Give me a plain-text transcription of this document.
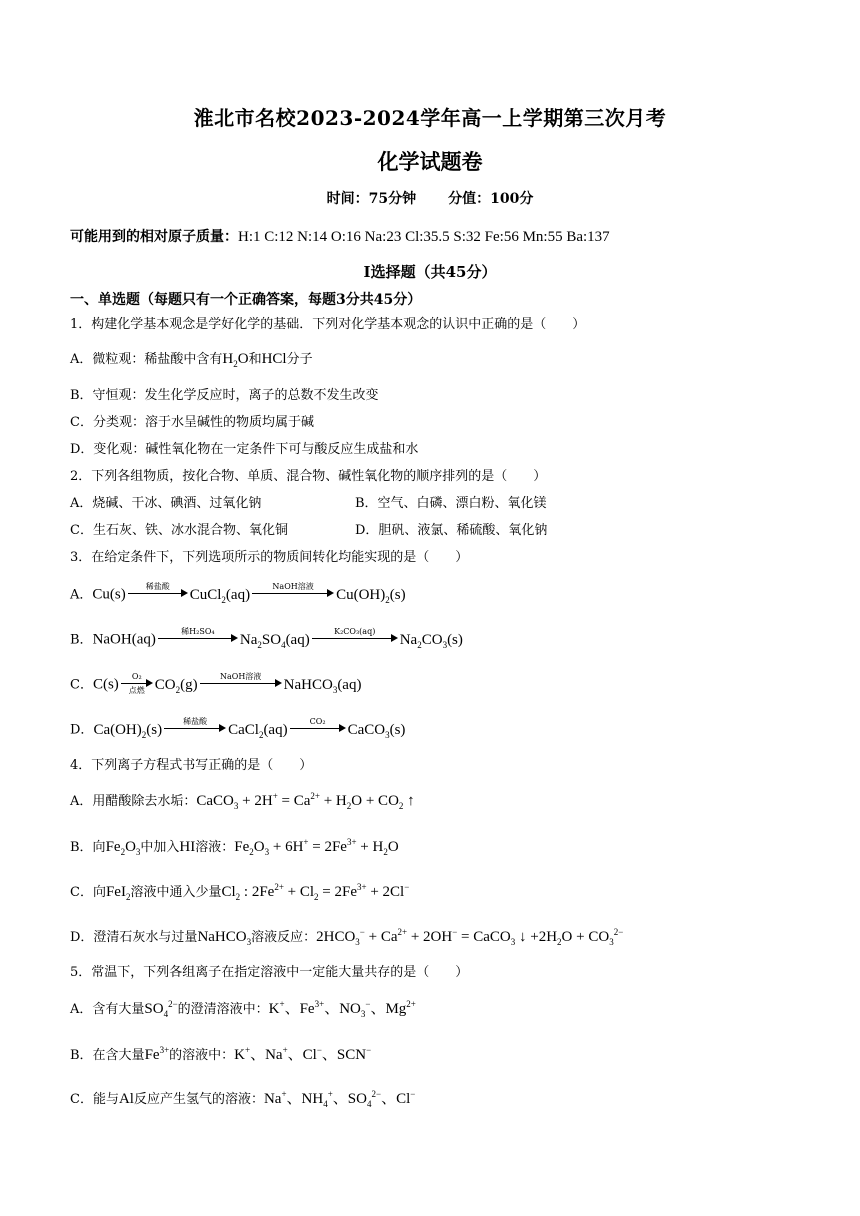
淮北市名校2023-2024学年高一上学期第三次月考
化学试题卷
时间：75分钟 分值：100分
可能用到的相对原子质量：H:1 C:12 N:14 O:16 Na:23 Cl:35.5 S:32 Fe:56 Mn:55 Ba:137
Ⅰ选择题（共45分）
一、单选题（每题只有一个正确答案，每题3分共45分）
1．构建化学基本观念是学好化学的基础．下列对化学基本观念的认识中正确的是（　　）
A．微粒观：稀盐酸中含有$H_2O$和HCl分子
B．守恒观：发生化学反应时，离子的总数不发生改变
C．分类观：溶于水呈碱性的物质均属于碱
D．变化观：碱性氧化物在一定条件下可与酸反应生成盐和水
2．下列各组物质，按化合物、单质、混合物、碱性氧化物的顺序排列的是（　　）
A．烧碱、干冰、碘酒、过氧化钠	B．空气、白磷、漂白粉、氧化镁
C．生石灰、铁、冰水混合物、氧化铜	D．胆矾、液氯、稀硫酸、氧化钠
3．在给定条件下，下列选项所示的物质间转化均能实现的是（　　）
A．Cu(s)	稀盐酸	CuCl$_2$(aq)	NaOH溶液	$Cu(OH)_2(s)$
B．NaOH(aq)	稀H₂SO₄	$Na_2SO_4(aq)$	K₂CO₃(aq)	$Na_2CO_3(s)$
C．C(s)	O₂
点燃 $CO_2(g)$	NaOH溶液	NaHCO$_3$(aq)
D．$Ca(OH)_2(s)$	稀盐酸	CaCl$_2$(aq)	CO₂	CaCO$_3$(s)
4．下列离子方程式书写正确的是（　　）
A．用醋酸除去水垢：CaCO$_3$ + $2H^+ = Ca^{2+} + H_2O + CO_2$ ↑
B．向$Fe_2O_3$中加入HI溶液：$Fe_2O_3 + 6H^+ = 2Fe^{3+} + H_2O$
C．向FeI$_2$溶液中通入少量$Cl_2$ : $2Fe^{2+} + Cl_2 = 2Fe^{3+} + 2Cl^-$
D．澄清石灰水与过量NaHCO$_3$溶液反应：$2HCO_3^- + Ca^{2+} + 2OH^-$ = CaCO$_3$ ↓ $+2H_2O + CO_3^{2-}$
5．常温下，下列各组离子在指定溶液中一定能大量共存的是（　　）
A．含有大量$SO_4^{2-}$的澄清溶液中：K+、$Fe^{3+}$、$NO_3^-$、$Mg^{2+}$
B．在含大量$Fe^{3+}$的溶液中：K+、Na+、Cl−、SCN−
C．能与Al反应产生氢气的溶液：Na+、$NH_4^+$、$SO_4^{2-}$、Cl−
